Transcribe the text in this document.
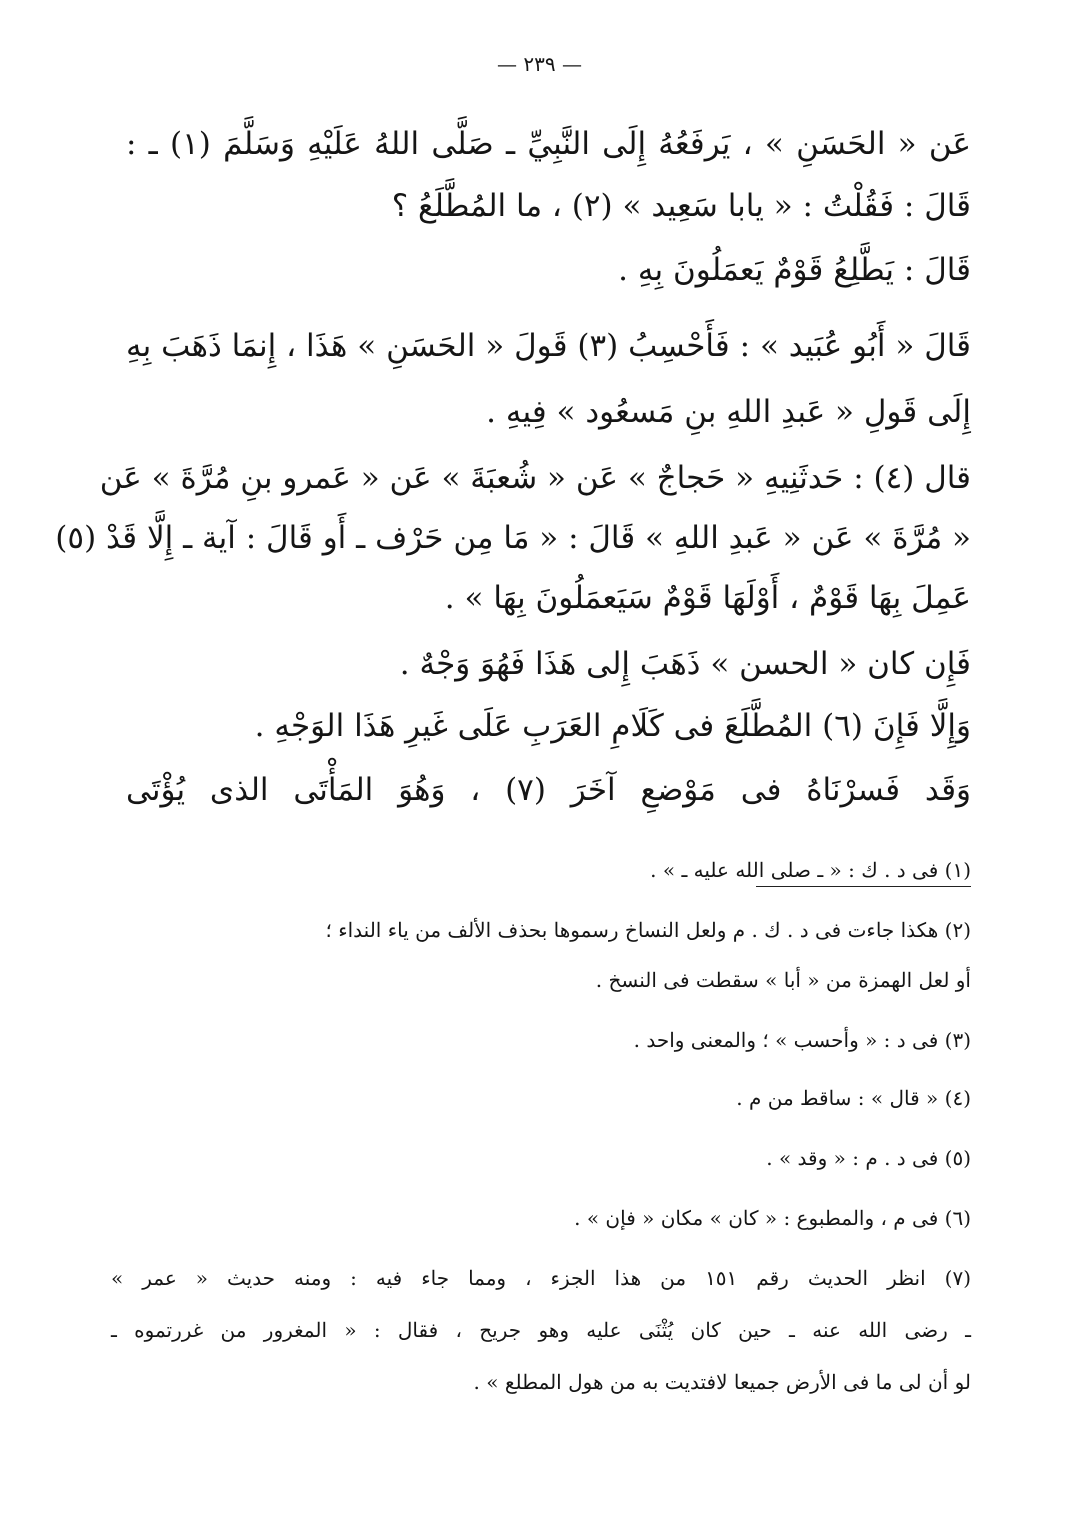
— ٢٣٩ —
عَن « الحَسَنِ » ، يَرفَعُهُ إِلَى النَّبِيِّ ـ صَلَّى اللهُ عَلَيْهِ وَسَلَّمَ (١) ـ :
قَالَ : فَقُلْتُ : « يابا سَعِيد » (٢) ، ما المُطَّلَعُ ؟
قَالَ : يَطَّلِعُ قَوْمٌ يَعمَلُونَ بِهِ .
قَالَ « أَبُو عُبَيد » : فَأَحْسِبُ (٣) قَولَ « الحَسَنِ » هَذَا ، إِنمَا ذَهَبَ بِهِ
إِلَى قَولِ « عَبدِ اللهِ بنِ مَسعُود » فِيهِ .
قال (٤) : حَدثَنِيهِ « حَجاجٌ » عَن « شُعبَةَ » عَن « عَمرو بنِ مُرَّةَ » عَن
« مُرَّةَ » عَن « عَبدِ اللهِ » قَالَ : « مَا مِن حَرْف ـ أَو قَالَ : آية ـ إِلَّا قَدْ (٥)
عَمِلَ بِهَا قَوْمٌ ، أَوْلَهَا قَوْمٌ سَيَعمَلُونَ بِهَا » .
فَإِن كان « الحسن » ذَهَبَ إِلى هَذَا فَهُوَ وَجْهٌ .
وَإِلَّا فَإِنَ (٦) المُطَّلَعَ فى كَلَامِ العَرَبِ عَلَى غَيرِ هَذَا الوَجْهِ .
وَقَد فَسرْنَاهُ فى مَوْضعِ آخَرَ (٧) ، وَهُوَ المَأْتَى الذى يُؤْتَى
(١) فى د . ك : « ـ صلى الله عليه ـ » .
(٢) هكذا جاءت فى د . ك . م ولعل النساخ رسموها بحذف الألف من ياء النداء ؛
أو لعل الهمزة من « أبا » سقطت فى النسخ .
(٣) فى د : « وأحسب » ؛ والمعنى واحد .
(٤) « قال » : ساقط من م .
(٥) فى د . م : « وقد » .
(٦) فى م ، والمطبوع : « كان » مكان « فإن » .
(٧) انظر الحديث رقم ١٥١ من هذا الجزء ، ومما جاء فيه : ومنه حديث « عمر »
ـ رضى الله عنه ـ حين كان يُثْنَى عليه وهو جريح ، فقال : « المغرور من غررتموه ـ
لو أن لى ما فى الأرض جميعا لافتديت به من هول المطلع » .
